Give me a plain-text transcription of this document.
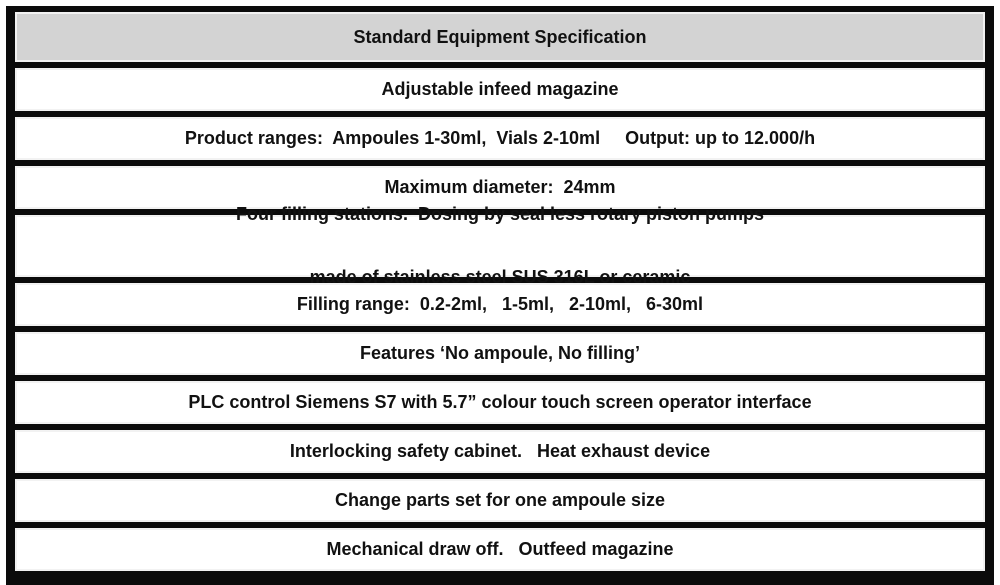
Standard Equipment Specification
Adjustable infeed magazine
Product ranges:  Ampoules 1-30ml,  Vials 2-10ml     Output: up to 12.000/h
Maximum diameter:  24mm

Four filling stations.  Dosing by seal less rotary piston pumps

made of stainless steel SUS 316L or ceramic

Filling range:  0.2-2ml,   1-5ml,   2-10ml,   6-30ml
Features ‘No ampoule, No filling’
PLC control Siemens S7 with 5.7” colour touch screen operator interface
Interlocking safety cabinet.   Heat exhaust device
Change parts set for one ampoule size
Mechanical draw off.   Outfeed magazine
